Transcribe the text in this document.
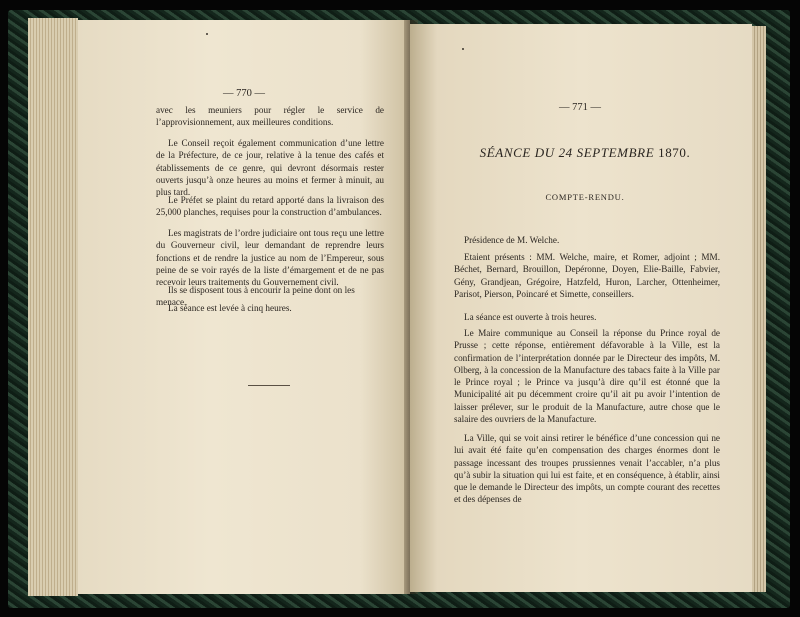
— 770 —

avec les meuniers pour régler le service de l’approvisionnement, aux meilleures conditions.

Le Conseil reçoit également communication d’une lettre de la Préfecture, de ce jour, relative à la tenue des cafés et établissements de ce genre, qui devront désormais rester ouverts jusqu’à onze heures au moins et fermer à minuit, au plus tard.

Le Préfet se plaint du retard apporté dans la livraison des 25,000 planches, requises pour la construction d’ambulances.

Les magistrats de l’ordre judiciaire ont tous reçu une lettre du Gouverneur civil, leur demandant de reprendre leurs fonctions et de rendre la justice au nom de l’Empereur, sous peine de se voir rayés de la liste d’émargement et de ne pas recevoir leurs traitements du Gouvernement civil.

Ils se disposent tous à encourir la peine dont on les menace.

La séance est levée à cinq heures.

— 771 —
SÉANCE DU 24 SEPTEMBRE 1870.
COMPTE-RENDU.

Présidence de M. Welche.

Etaient présents : MM. Welche, maire, et Romer, adjoint ; MM. Béchet, Bernard, Brouillon, Depéronne, Doyen, Elie-Baille, Fabvier, Gény, Grandjean, Grégoire, Hatzfeld, Huron, Larcher, Ottenheimer, Parisot, Pierson, Poincaré et Simette, conseillers.

La séance est ouverte à trois heures.

Le Maire communique au Conseil la réponse du Prince royal de Prusse ; cette réponse, entièrement défavorable à la Ville, est la confirmation de l’interprétation donnée par le Directeur des impôts, M. Olberg, à la concession de la Manufacture des tabacs faite à la Ville par le Prince royal ; le Prince va jusqu’à dire qu’il est étonné que la Municipalité ait pu décemment croire qu’il ait pu avoir l’intention de laisser prélever, sur le produit de la Manufacture, autre chose que le salaire des ouvriers de la Manufacture.

La Ville, qui se voit ainsi retirer le bénéfice d’une concession qui ne lui avait été faite qu’en compensation des charges énormes dont le passage incessant des troupes prussiennes venait l’accabler, n’a plus qu’à subir la situation qui lui est faite, et en conséquence, à établir, ainsi que le demande le Directeur des impôts, un compte courant des recettes et des dépenses de
